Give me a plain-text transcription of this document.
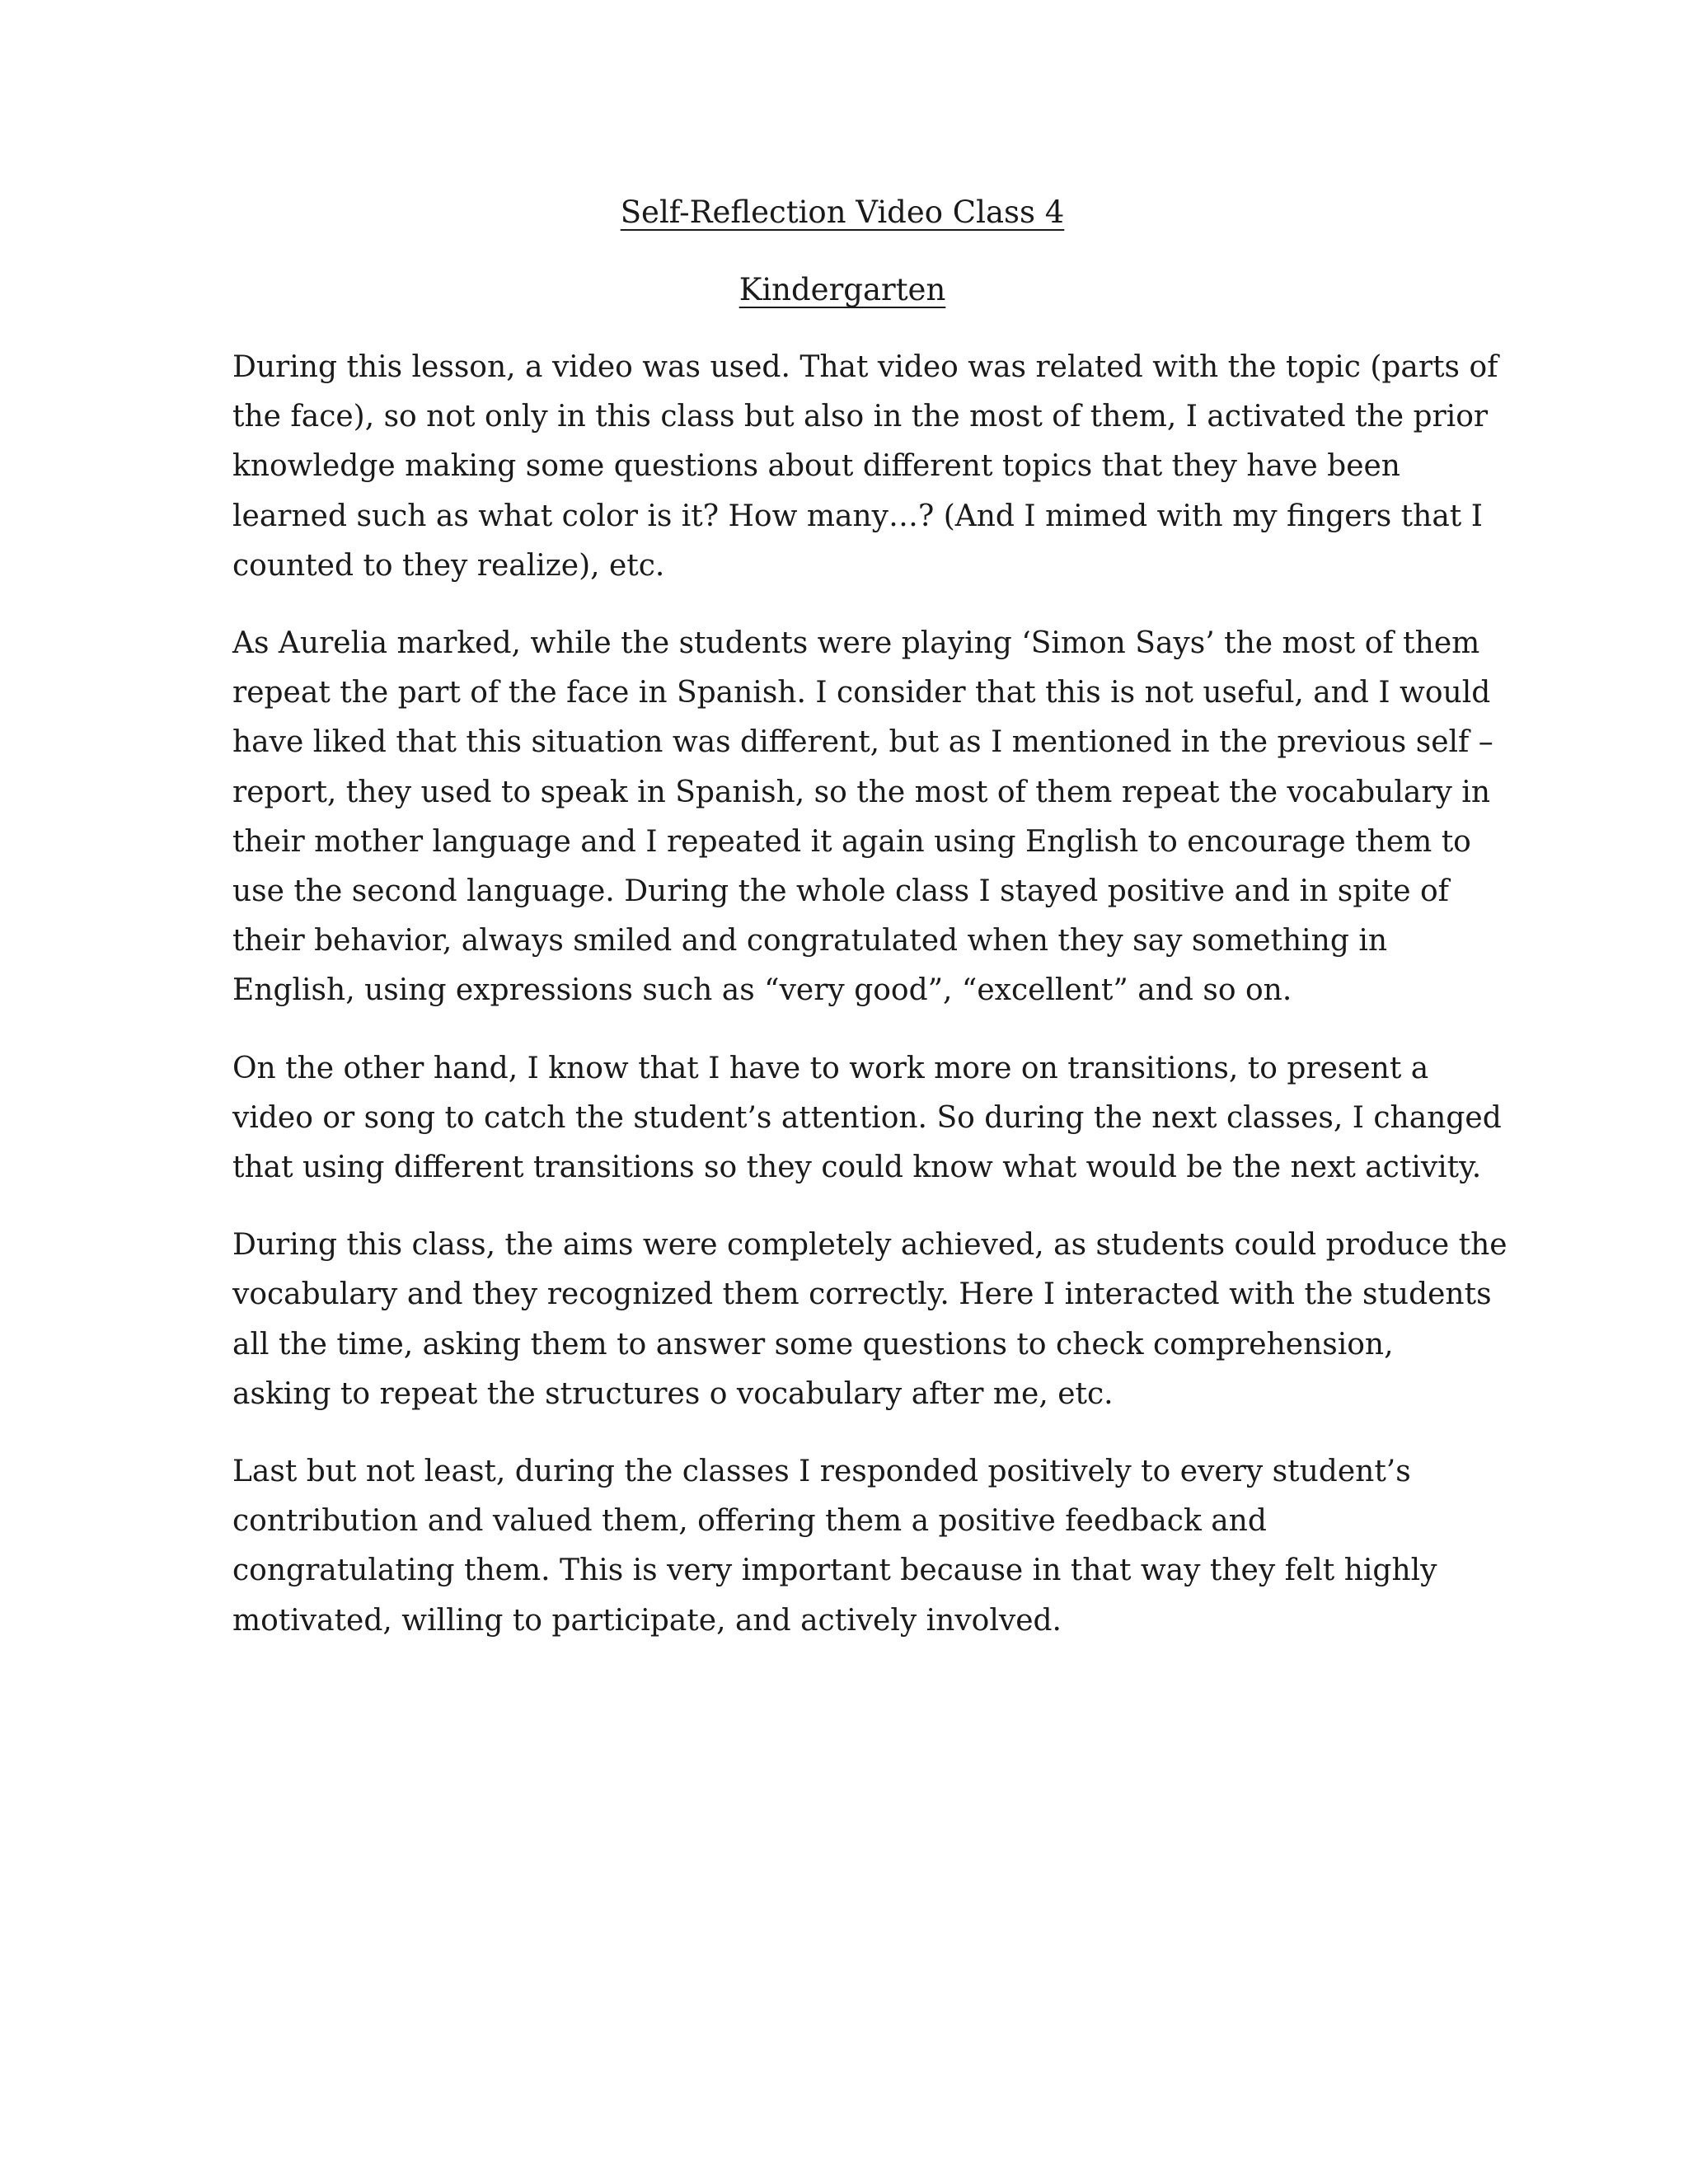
Self-Reflection Video Class 4
Kindergarten

During this lesson, a video was used. That video was related with the topic (parts of
the face), so not only in this class but also in the most of them, I activated the prior
knowledge making some questions about different topics that they have been
learned such as what color is it? How many…? (And I mimed with my fingers that I
counted to they realize), etc.

As Aurelia marked, while the students were playing ‘Simon Says’ the most of them
repeat the part of the face in Spanish. I consider that this is not useful, and I would
have liked that this situation was different, but as I mentioned in the previous self –
report, they used to speak in Spanish, so the most of them repeat the vocabulary in
their mother language and I repeated it again using English to encourage them to
use the second language. During the whole class I stayed positive and in spite of
their behavior, always smiled and congratulated when they say something in
English, using expressions such as “very good”, “excellent” and so on.

On the other hand, I know that I have to work more on transitions, to present a
video or song to catch the student’s attention. So during the next classes, I changed
that using different transitions so they could know what would be the next activity.

During this class, the aims were completely achieved, as students could produce the
vocabulary and they recognized them correctly. Here I interacted with the students
all the time, asking them to answer some questions to check comprehension,
asking to repeat the structures o vocabulary after me, etc.

Last but not least, during the classes I responded positively to every student’s
contribution and valued them, offering them a positive feedback and
congratulating them. This is very important because in that way they felt highly
motivated, willing to participate, and actively involved.
